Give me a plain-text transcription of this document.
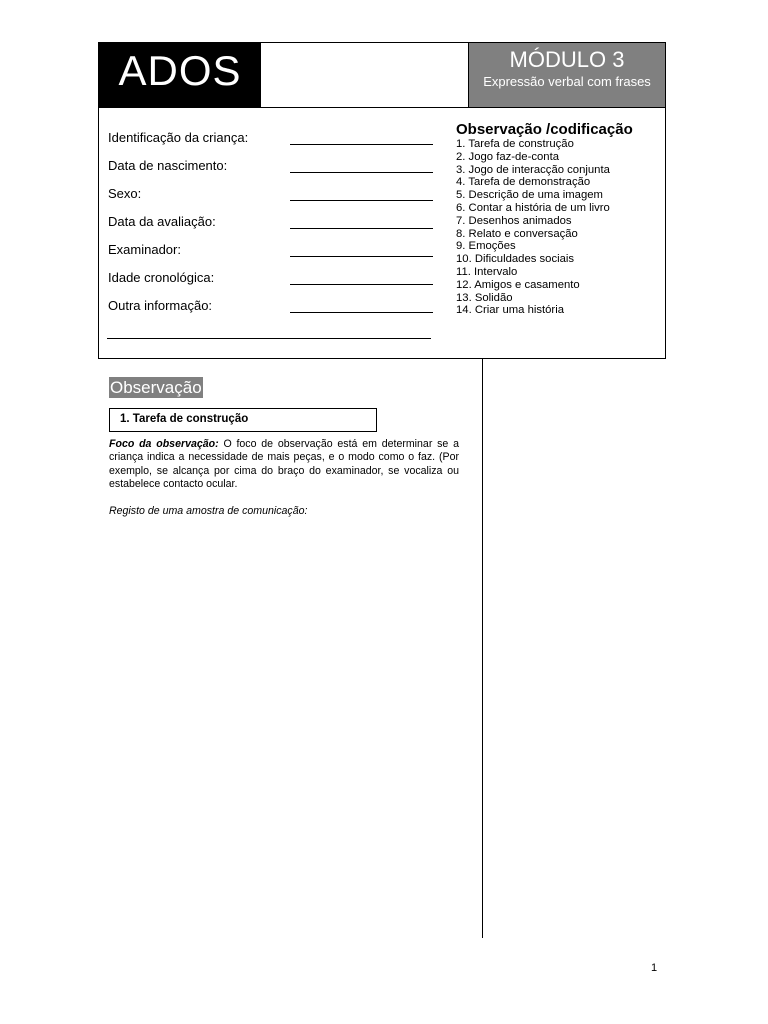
ADOS	MÓDULO 3
Expressão verbal com frases
Identificação da criança:
Data de nascimento:
Sexo:
Data da avaliação:
Examinador:
Idade cronológica:
Outra informação:
Observação /codificação
1. Tarefa de construção
2. Jogo faz-de-conta
3. Jogo de interacção conjunta
4. Tarefa de demonstração
5. Descrição de uma imagem
6. Contar a história de um livro
7. Desenhos animados
8. Relato e conversação
9. Emoções
10. Dificuldades sociais
11. Intervalo
12. Amigos e casamento
13. Solidão
14. Criar uma história
Observação
1. Tarefa de construção
Foco da observação: O foco de observação está em determinar se a criança indica a necessidade de mais peças, e o modo como o faz. (Por exemplo, se alcança por cima do braço do examinador, se vocaliza ou estabelece contacto ocular.
Registo de uma amostra de comunicação:
1
